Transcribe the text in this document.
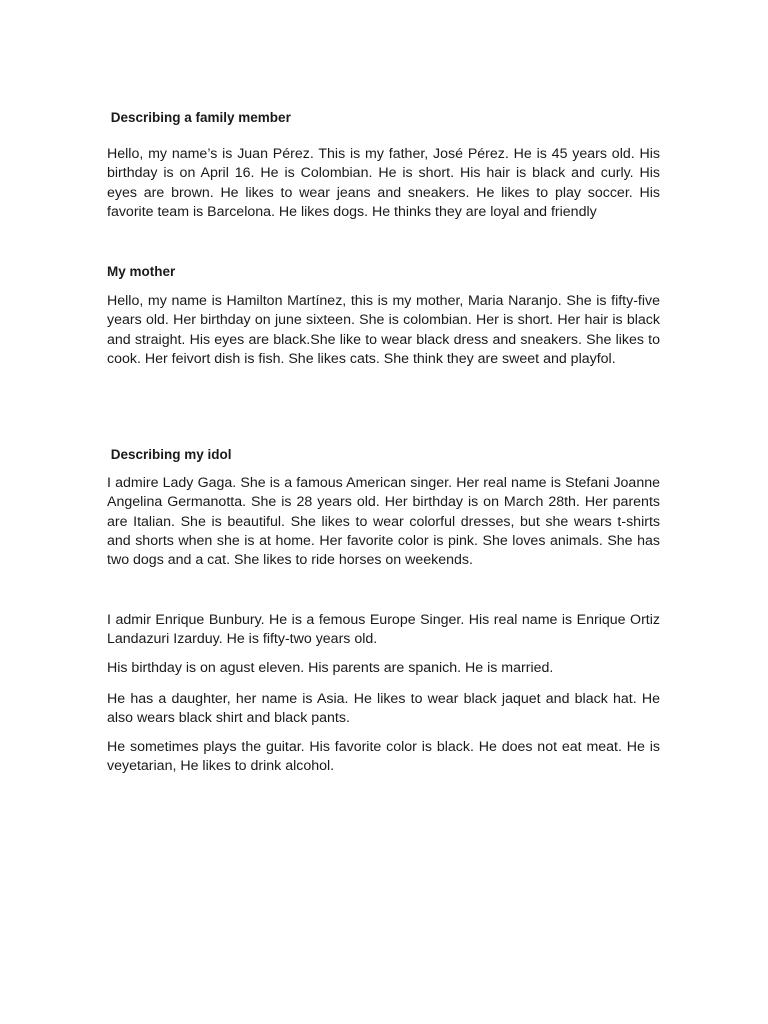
Describing a family member

Hello, my name’s is Juan Pérez. This is my father, José Pérez. He is 45 years old. His birthday is on April 16. He is Colombian. He is short. His hair is black and curly. His eyes are brown. He likes to wear jeans and sneakers. He likes to play soccer. His favorite team is Barcelona. He likes dogs. He thinks they are loyal and friendly

My mother

Hello, my name is Hamilton Martínez, this is my mother, Maria Naranjo. She is fifty-five years old. Her birthday on june sixteen. She is colombian. Her is short. Her hair is black and straight. His eyes are black.She like to wear black dress and sneakers. She likes to cook. Her feivort dish is fish. She likes cats. She think they are sweet and playfol.

Describing my idol

I admire Lady Gaga. She is a famous American singer. Her real name is Stefani Joanne Angelina Germanotta. She is 28 years old. Her birthday is on March 28th. Her parents are Italian. She is beautiful. She likes to wear colorful dresses, but she wears t-shirts and shorts when she is at home. Her favorite color is pink. She loves animals. She has two dogs and a cat. She likes to ride horses on weekends.

I admir Enrique Bunbury. He is a femous Europe Singer. His real name is Enrique Ortiz Landazuri Izarduy. He is fifty-two years old.

His birthday is on agust eleven. His parents are spanich. He is married.

He has a daughter, her name is Asia. He likes to wear black jaquet and black hat. He also wears black shirt and black pants.

He sometimes plays the guitar. His favorite color is black. He does not eat meat. He is veyetarian, He likes to drink alcohol.
